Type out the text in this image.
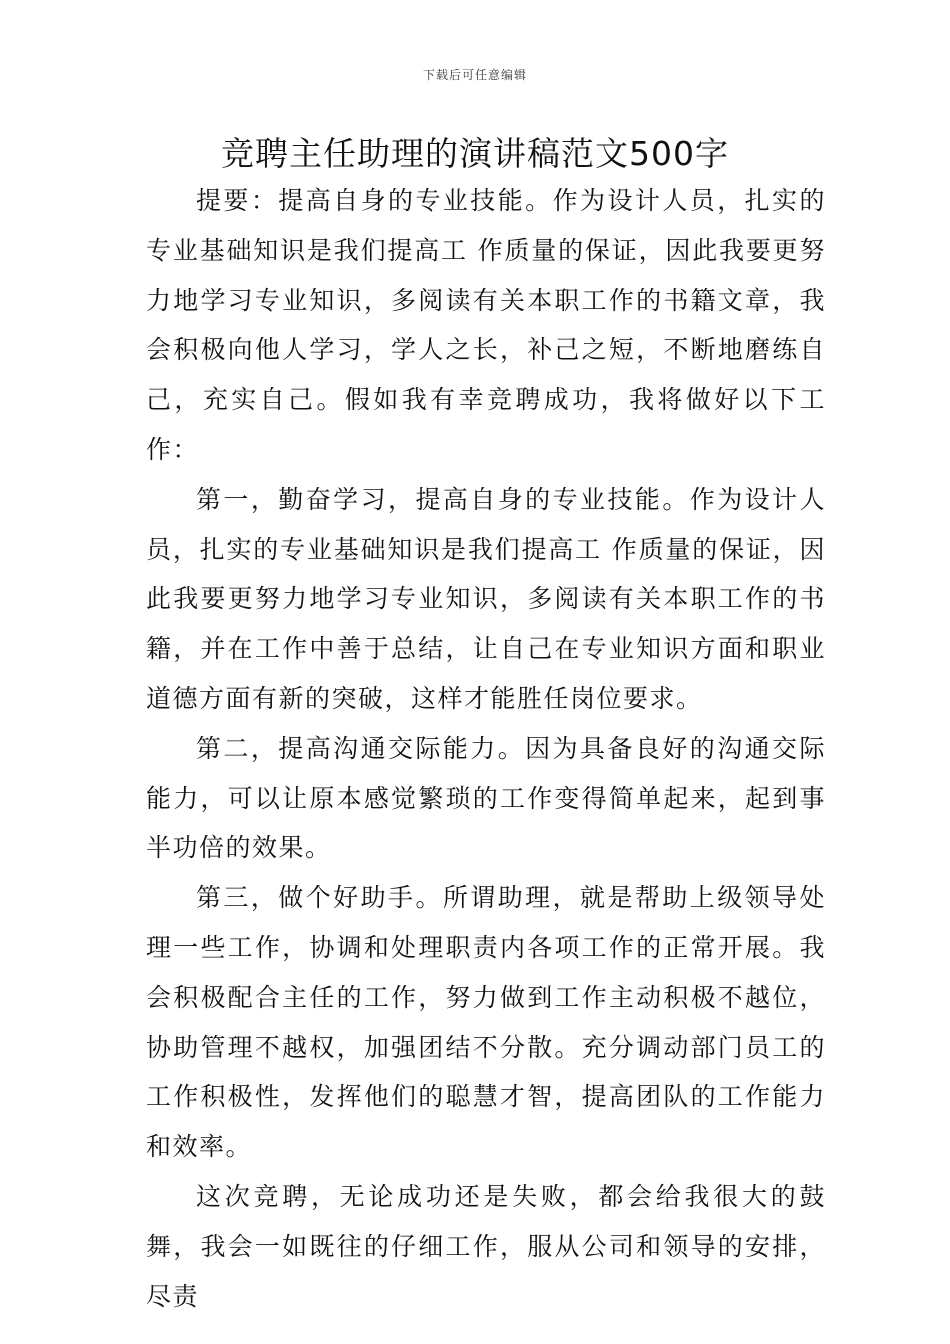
下载后可任意编辑
竞聘主任助理的演讲稿范文500字

提要：提高自身的专业技能。作为设计人员，扎实的专业基础知识是我们提高工 作质量的保证，因此我要更努力地学习专业知识，多阅读有关本职工作的书籍文章，我会积极向他人学习，学人之长，补己之短，不断地磨练自己，充实自己。假如我有幸竞聘成功，我将做好以下工作：

第一，勤奋学习，提高自身的专业技能。作为设计人员，扎实的专业基础知识是我们提高工 作质量的保证，因此我要更努力地学习专业知识，多阅读有关本职工作的书籍，并在工作中善于总结，让自己在专业知识方面和职业道德方面有新的突破，这样才能胜任岗位要求。

第二，提高沟通交际能力。因为具备良好的沟通交际能力，可以让原本感觉繁琐的工作变得简单起来，起到事半功倍的效果。

第三，做个好助手。所谓助理，就是帮助上级领导处理一些工作，协调和处理职责内各项工作的正常开展。我会积极配合主任的工作，努力做到工作主动积极不越位，协助管理不越权，加强团结不分散。充分调动部门员工的工作积极性，发挥他们的聪慧才智，提高团队的工作能力和效率。

这次竞聘，无论成功还是失败，都会给我很大的鼓舞，我会一如既往的仔细工作，服从公司和领导的安排，尽责
